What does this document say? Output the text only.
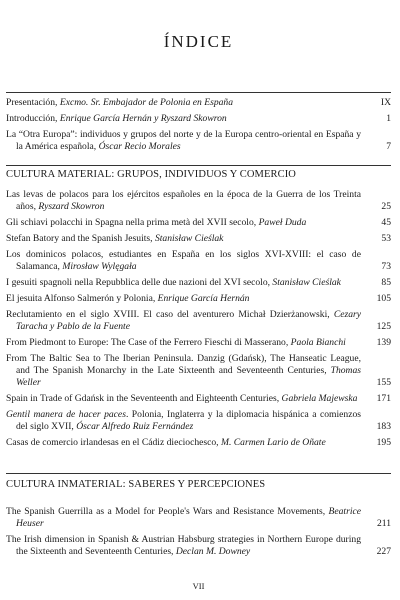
ÍNDICE
Presentación, Excmo. Sr. Embajador de Polonia en España	IX
Introducción, Enrique García Hernán y Ryszard Skowron	1
La “Otra Europa”: individuos y grupos del norte y de la Europa centro-oriental en España y la América española, Óscar Recio Morales	7
CULTURA MATERIAL: GRUPOS, INDIVIDUOS Y COMERCIO
Las levas de polacos para los ejércitos españoles en la época de la Guerra de los Treinta años, Ryszard Skowron	25
Gli schiavi polacchi in Spagna nella prima metà del XVII secolo, Paweł Duda	45
Stefan Batory and the Spanish Jesuits, Stanisław Cieślak	53
Los dominicos polacos, estudiantes en España en los siglos XVI-XVIII: el caso de Salamanca, Mirosław Wylęgała	73
I gesuiti spagnoli nella Repubblica delle due nazioni del XVI secolo, Stanisław Cieślak	85
El jesuita Alfonso Salmerón y Polonia, Enrique García Hernán	105
Reclutamiento en el siglo XVIII. El caso del aventurero Michał Dzierżanowski, Cezary Taracha y Pablo de la Fuente	125
From Piedmont to Europe: The Case of the Ferrero Fieschi di Masserano, Paola Bianchi	139
From The Baltic Sea to The Iberian Peninsula. Danzig (Gdańsk), The Hanseatic League, and The Spanish Monarchy in the Late Sixteenth and Seventeenth Centuries, Thomas Weller	155
Spain in Trade of Gdańsk in the Seventeenth and Eighteenth Centuries, Gabriela Majewska	171
Gentil manera de hacer paces. Polonia, Inglaterra y la diplomacia hispánica a comienzos del siglo XVII, Óscar Alfredo Ruiz Fernández	183
Casas de comercio irlandesas en el Cádiz dieciochesco, M. Carmen Lario de Oñate	195
CULTURA INMATERIAL: SABERES Y PERCEPCIONES
The Spanish Guerrilla as a Model for People's Wars and Resistance Movements, Beatrice Heuser	211
The Irish dimension in Spanish & Austrian Habsburg strategies in Northern Europe during the Sixteenth and Seventeenth Centuries, Declan M. Downey	227
VII
